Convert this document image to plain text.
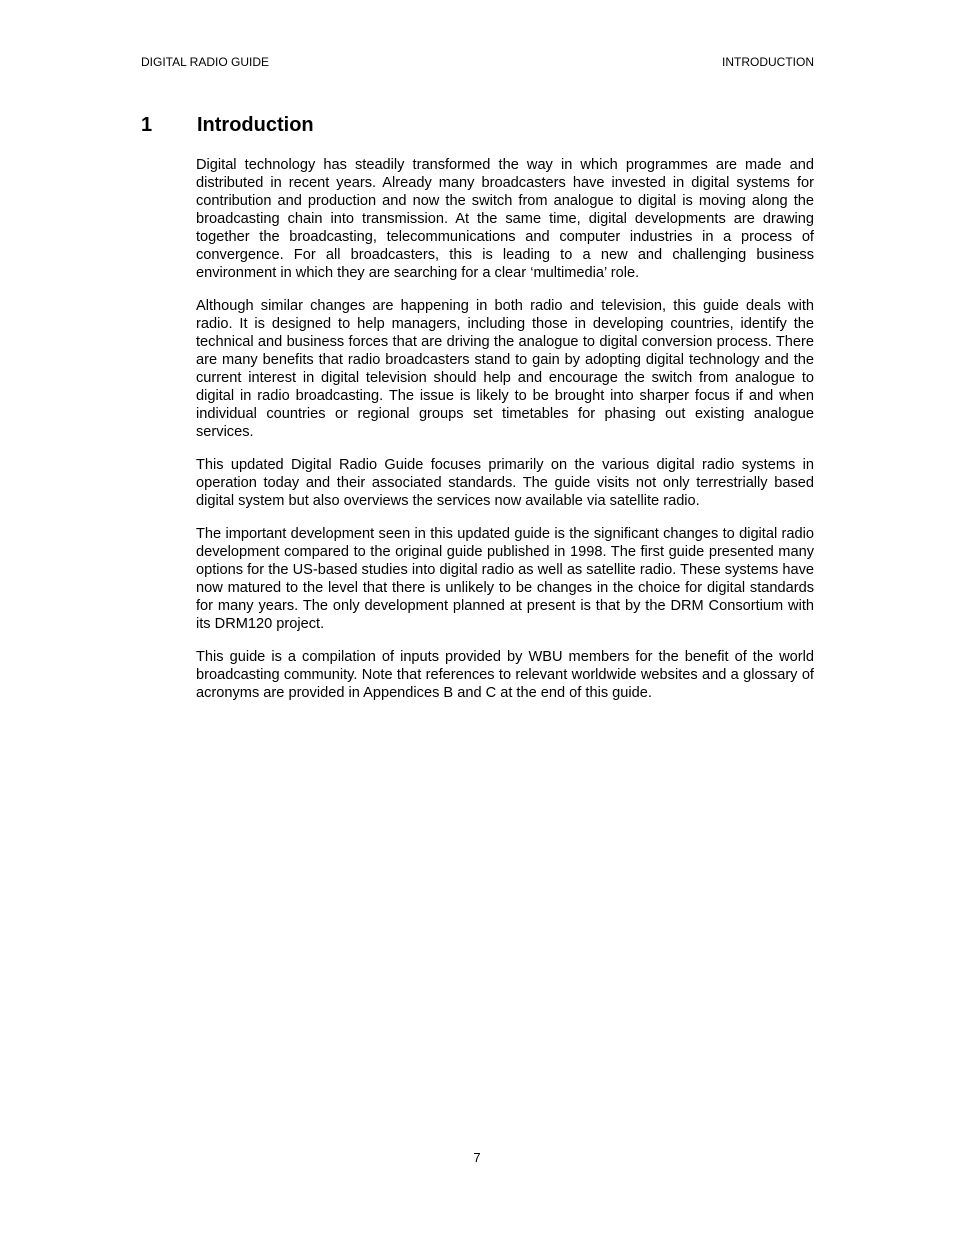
DIGITAL RADIO GUIDE	INTRODUCTION
1	Introduction

Digital technology has steadily transformed the way in which programmes are made and distributed in recent years. Already many broadcasters have invested in digital systems for contribution and production and now the switch from analogue to digital is moving along the broadcasting chain into transmission. At the same time, digital developments are drawing together the broadcasting, telecommunications and computer industries in a process of convergence. For all broadcasters, this is leading to a new and challenging business environment in which they are searching for a clear ‘multimedia’ role.

Although similar changes are happening in both radio and television, this guide deals with radio. It is designed to help managers, including those in developing countries, identify the technical and business forces that are driving the analogue to digital conversion process. There are many benefits that radio broadcasters stand to gain by adopting digital technology and the current interest in digital television should help and encourage the switch from analogue to digital in radio broadcasting. The issue is likely to be brought into sharper focus if and when individual countries or regional groups set timetables for phasing out existing analogue services.

This updated Digital Radio Guide focuses primarily on the various digital radio systems in operation today and their associated standards. The guide visits not only terrestrially based digital system but also overviews the services now available via satellite radio.

The important development seen in this updated guide is the significant changes to digital radio development compared to the original guide published in 1998. The first guide presented many options for the US-based studies into digital radio as well as satellite radio. These systems have now matured to the level that there is unlikely to be changes in the choice for digital standards for many years. The only development planned at present is that by the DRM Consortium with its DRM120 project.

This guide is a compilation of inputs provided by WBU members for the benefit of the world broadcasting community. Note that references to relevant worldwide websites and a glossary of acronyms are provided in Appendices B and C at the end of this guide.

7
